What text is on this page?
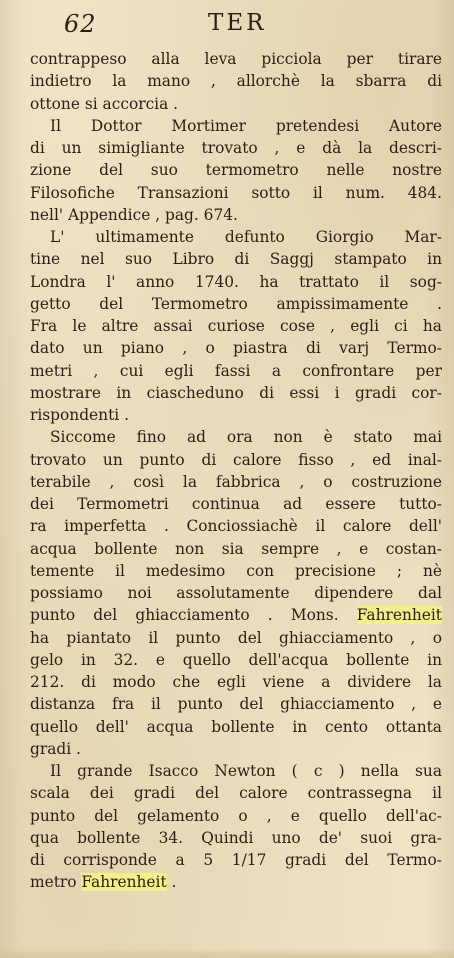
62	TER
contrappeso alla leva picciola per tirare
indietro la mano , allorchè la sbarra di
ottone si accorcia .
Il Dottor Mortimer pretendesi Autore
di un simigliante trovato , e dà la descri-
zione del suo termometro nelle nostre
Filosofiche Transazioni sotto il num. 484.
nell' Appendice , pag. 674.
L' ultimamente defunto Giorgio Mar-
tine nel suo Libro di Saggj stampato in
Londra l' anno 1740. ha trattato il sog-
getto del Termometro ampissimamente .
Fra le altre assai curiose cose , egli ci ha
dato un piano , o piastra di varj Termo-
metri , cui egli fassi a confrontare per
mostrare in ciascheduno di essi i gradi cor-
rispondenti .
Siccome fino ad ora non è stato mai
trovato un punto di calore fisso , ed inal-
terabile , così la fabbrica , o costruzione
dei Termometri continua ad essere tutto-
ra imperfetta . Conciossiachè il calore dell'
acqua bollente non sia sempre , e costan-
temente il medesimo con precisione ; nè
possiamo noi assolutamente dipendere dal
punto del ghiacciamento . Mons. Fahrenheit
ha piantato il punto del ghiacciamento , o
gelo in 32. e quello dell'acqua bollente in
212. di modo che egli viene a dividere la
distanza fra il punto del ghiacciamento , e
quello dell' acqua bollente in cento ottanta
gradi .
Il grande Isacco Newton ( c ) nella sua
scala dei gradi del calore contrassegna il
punto del gelamento o , e quello dell'ac-
qua bollente 34. Quindi uno de' suoi gra-
di corrisponde a 5 1/17 gradi del Termo-
metro Fahrenheit .
